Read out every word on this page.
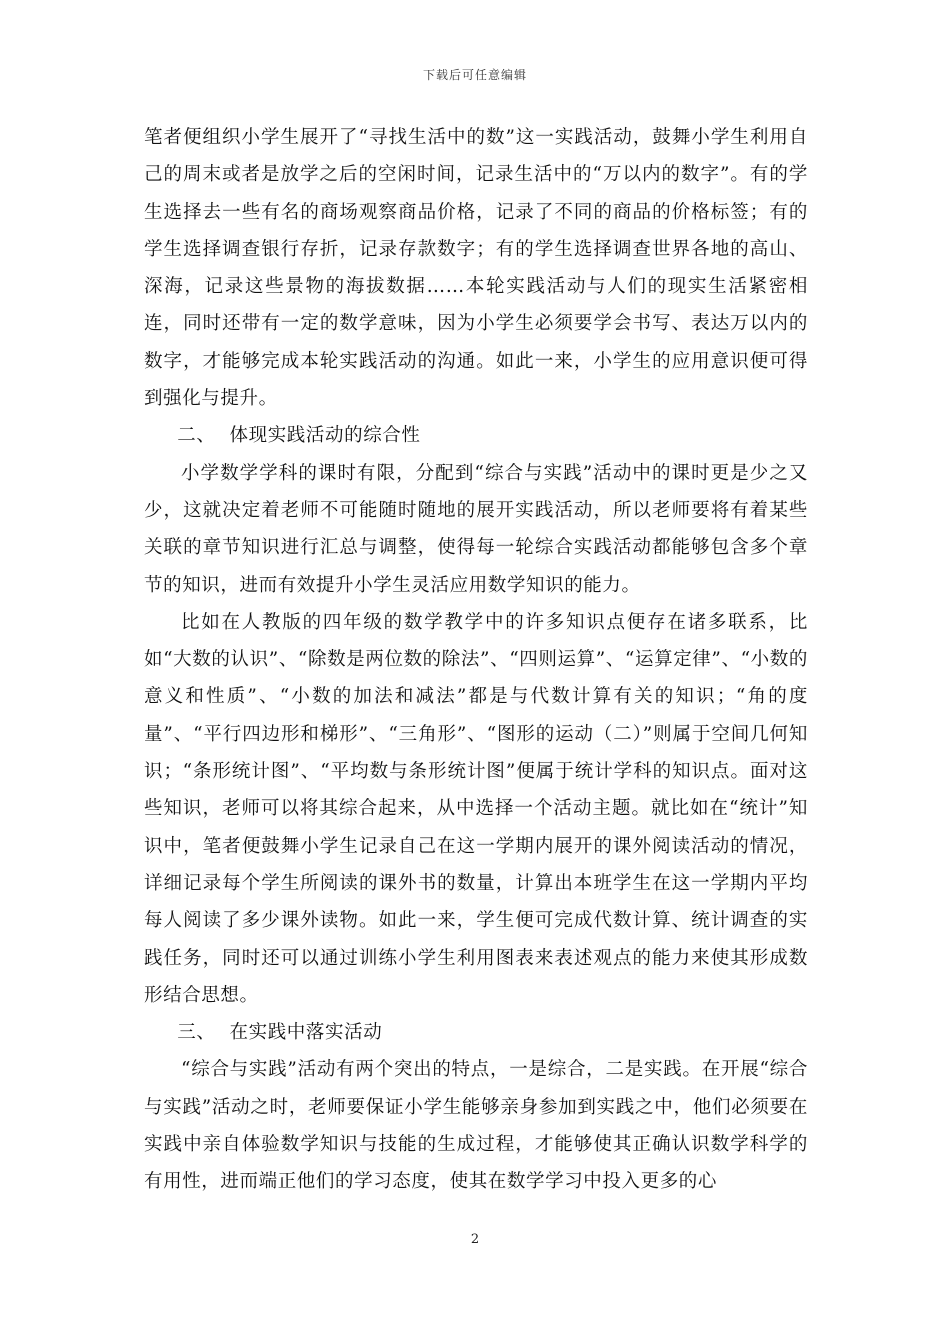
下载后可任意编辑

笔者便组织小学生展开了“寻找生活中的数”这一实践活动，鼓舞小学生利用自己的周末或者是放学之后的空闲时间，记录生活中的“万以内的数字”。有的学生选择去一些有名的商场观察商品价格，记录了不同的商品的价格标签；有的学生选择调查银行存折，记录存款数字；有的学生选择调查世界各地的高山、深海，记录这些景物的海拔数据……本轮实践活动与人们的现实生活紧密相连，同时还带有一定的数学意味，因为小学生必须要学会书写、表达万以内的数字，才能够完成本轮实践活动的沟通。如此一来，小学生的应用意识便可得到强化与提升。

二、 体现实践活动的综合性

小学数学学科的课时有限，分配到“综合与实践”活动中的课时更是少之又少，这就决定着老师不可能随时随地的展开实践活动，所以老师要将有着某些关联的章节知识进行汇总与调整，使得每一轮综合实践活动都能够包含多个章节的知识，进而有效提升小学生灵活应用数学知识的能力。

比如在人教版的四年级的数学教学中的许多知识点便存在诸多联系，比如“大数的认识”、“除数是两位数的除法”、“四则运算”、“运算定律”、“小数的意义和性质”、“小数的加法和减法”都是与代数计算有关的知识；“角的度量”、“平行四边形和梯形”、“三角形”、“图形的运动（二）”则属于空间几何知识；“条形统计图”、“平均数与条形统计图”便属于统计学科的知识点。面对这些知识，老师可以将其综合起来，从中选择一个活动主题。就比如在“统计”知识中，笔者便鼓舞小学生记录自己在这一学期内展开的课外阅读活动的情况，详细记录每个学生所阅读的课外书的数量，计算出本班学生在这一学期内平均每人阅读了多少课外读物。如此一来，学生便可完成代数计算、统计调查的实践任务，同时还可以通过训练小学生利用图表来表述观点的能力来使其形成数形结合思想。

三、 在实践中落实活动

“综合与实践”活动有两个突出的特点，一是综合，二是实践。在开展“综合与实践”活动之时，老师要保证小学生能够亲身参加到实践之中，他们必须要在实践中亲自体验数学知识与技能的生成过程，才能够使其正确认识数学科学的有用性，进而端正他们的学习态度，使其在数学学习中投入更多的心

2
